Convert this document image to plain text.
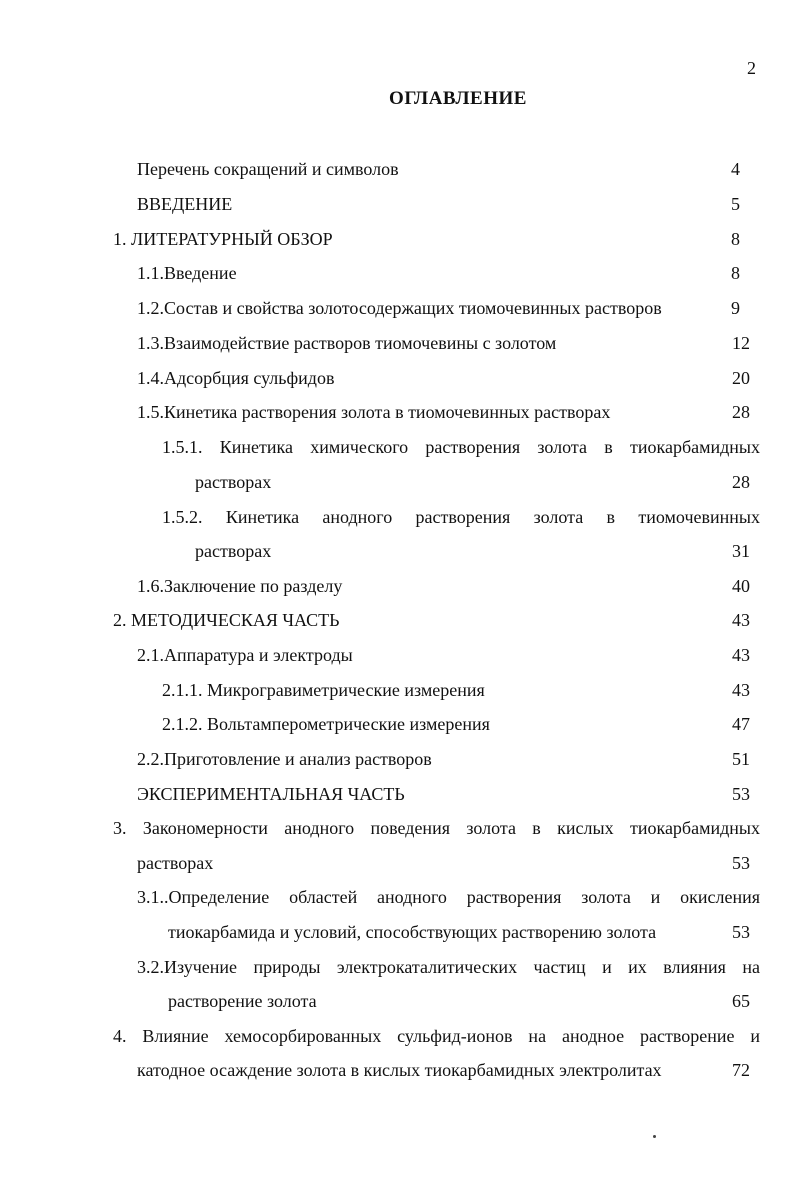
2
ОГЛАВЛЕНИЕ
Перечень сокращений и символов	4
ВВЕДЕНИЕ	5
1. ЛИТЕРАТУРНЫЙ ОБЗОР	8
1.1.Введение	8
1.2.Состав и свойства золотосодержащих тиомочевинных растворов	9
1.3.Взаимодействие растворов тиомочевины с золотом	12
1.4.Адсорбция сульфидов	20
1.5.Кинетика растворения золота в тиомочевинных растворах	28
1.5.1. Кинетика химического растворения золота в тиокарбамидных
растворах	28
1.5.2. Кинетика анодного растворения золота в тиомочевинных
растворах	31
1.6.Заключение по разделу	40
2. МЕТОДИЧЕСКАЯ ЧАСТЬ	43
2.1.Аппаратура и электроды	43
2.1.1. Микрогравиметрические измерения	43
2.1.2. Вольтамперометрические измерения	47
2.2.Приготовление и анализ растворов	51
ЭКСПЕРИМЕНТАЛЬНАЯ ЧАСТЬ	53
3. Закономерности анодного поведения золота в кислых тиокарбамидных
растворах	53
3.1..Определение областей анодного растворения золота и окисления
тиокарбамида и условий, способствующих растворению золота	53
3.2.Изучение природы электрокаталитических частиц и их влияния на
растворение золота	65
4. Влияние хемосорбированных сульфид-ионов на анодное растворение и
катодное осаждение золота в кислых тиокарбамидных электролитах	72
